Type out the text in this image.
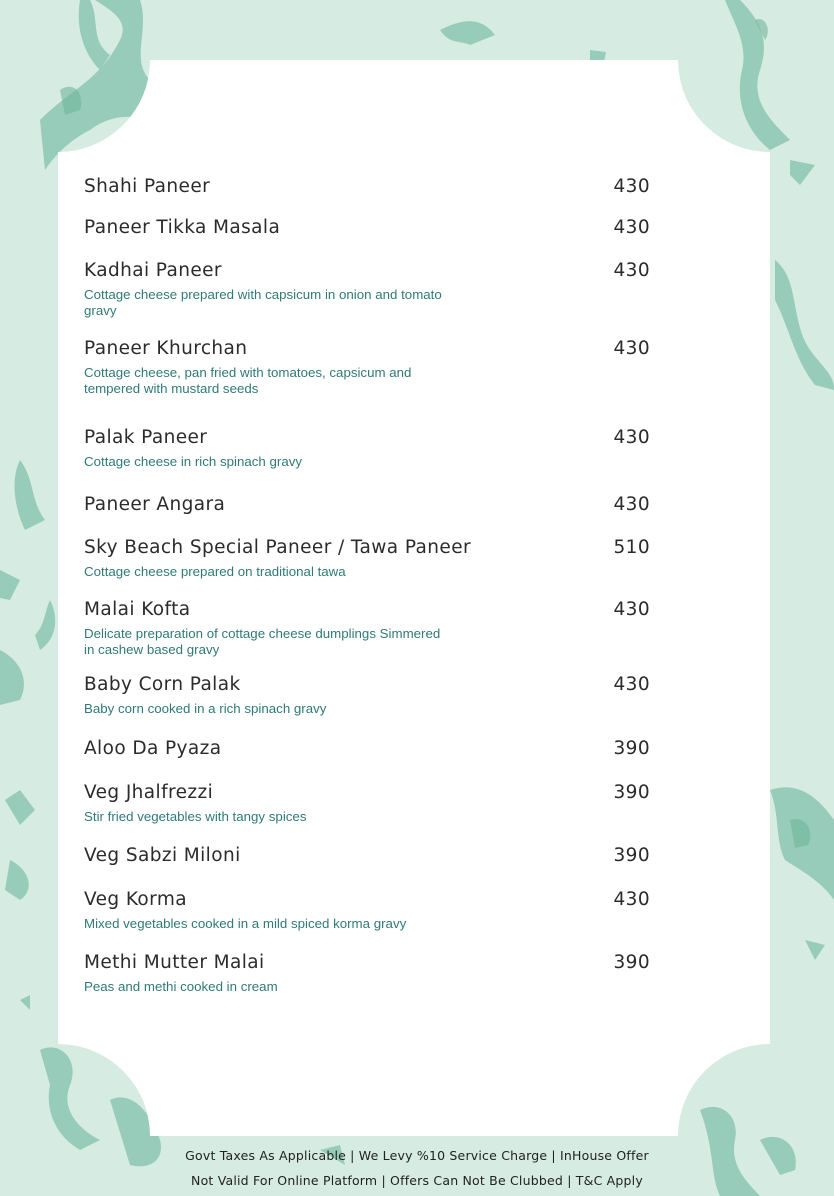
Shahi Paneer	430
Paneer Tikka Masala	430
Kadhai Paneer	430
Cottage cheese prepared with capsicum in onion and tomato gravy
Paneer Khurchan	430
Cottage cheese, pan fried with tomatoes, capsicum and tempered with mustard seeds
Palak Paneer	430
Cottage cheese in rich spinach gravy
Paneer Angara	430
Sky Beach Special Paneer / Tawa Paneer	510
Cottage cheese prepared on traditional tawa
Malai Kofta	430
Delicate preparation of cottage cheese dumplings Simmered in cashew based gravy
Baby Corn Palak	430
Baby corn cooked in a rich spinach gravy
Aloo Da Pyaza	390
Veg Jhalfrezzi	390
Stir fried vegetables with tangy spices
Veg Sabzi Miloni	390
Veg Korma	430
Mixed vegetables cooked in a mild spiced korma gravy
Methi Mutter Malai	390
Peas and methi cooked in cream
Govt Taxes As Applicable | We Levy %10 Service Charge | InHouse Offer
Not Valid For Online Platform | Offers Can Not Be Clubbed | T&C Apply
